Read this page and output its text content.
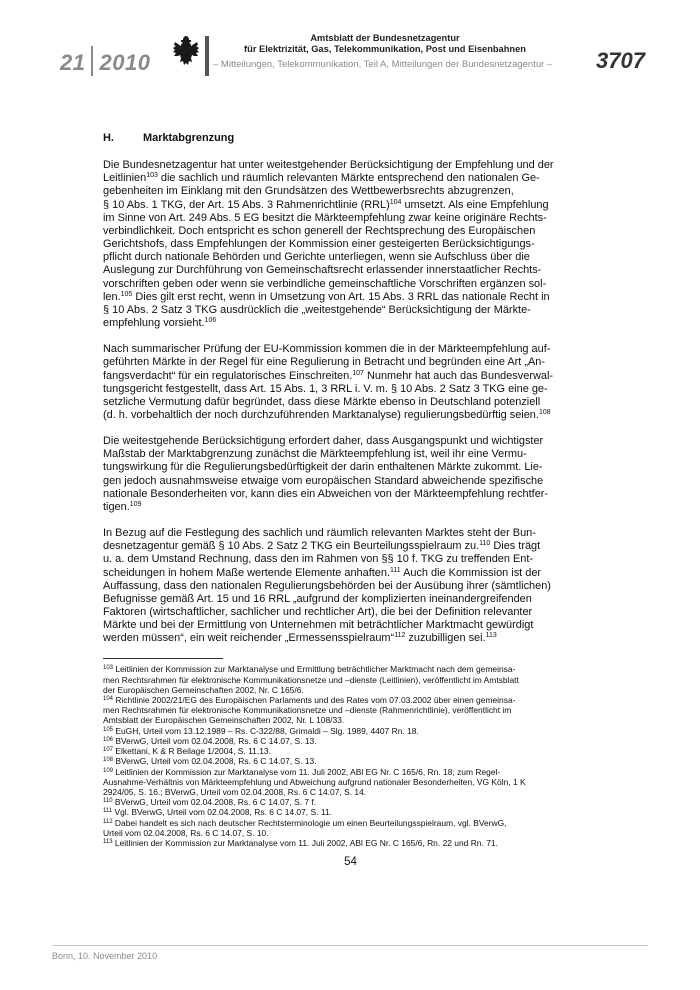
21 2010
Amtsblatt der Bundesnetzagentur
für Elektrizität, Gas, Telekommunikation, Post und Eisenbahnen
– Mitteilungen, Telekommunikation, Teil A, Mitteilungen der Bundesnetzagentur – 3707
H.	Marktabgrenzung
Die Bundesnetzagentur hat unter weitestgehender Berücksichtigung der Empfehlung und der
Leitlinien$^{103}$ die sachlich und räumlich relevanten Märkte entsprechend den nationalen Ge-
gebenheiten im Einklang mit den Grundsätzen des Wettbewerbsrechts abzugrenzen,
§ 10 Abs. 1 TKG, der Art. 15 Abs. 3 Rahmenrichtlinie (RRL)$^{104}$ umsetzt. Als eine Empfehlung
im Sinne von Art. 249 Abs. 5 EG besitzt die Märkteempfehlung zwar keine originäre Rechts-
verbindlichkeit. Doch entspricht es schon generell der Rechtsprechung des Europäischen
Gerichtshofs, dass Empfehlungen der Kommission einer gesteigerten Berücksichtigungs-
pflicht durch nationale Behörden und Gerichte unterliegen, wenn sie Aufschluss über die
Auslegung zur Durchführung von Gemeinschaftsrecht erlassender innerstaatlicher Rechts-
vorschriften geben oder wenn sie verbindliche gemeinschaftliche Vorschriften ergänzen sol-
len.$^{105}$ Dies gilt erst recht, wenn in Umsetzung von Art. 15 Abs. 3 RRL das nationale Recht in
§ 10 Abs. 2 Satz 3 TKG ausdrücklich die „weitestgehende“ Berücksichtigung der Märkte-
empfehlung vorsieht.$^{106}$
Nach summarischer Prüfung der EU-Kommission kommen die in der Märkteempfehlung auf-
geführten Märkte in der Regel für eine Regulierung in Betracht und begründen eine Art „An-
fangsverdacht“ für ein regulatorisches Einschreiten.$^{107}$ Nunmehr hat auch das Bundesverwal-
tungsgericht festgestellt, dass Art. 15 Abs. 1, 3 RRL i. V. m. § 10 Abs. 2 Satz 3 TKG eine ge-
setzliche Vermutung dafür begründet, dass diese Märkte ebenso in Deutschland potenziell
(d. h. vorbehaltlich der noch durchzuführenden Marktanalyse) regulierungsbedürftig seien.$^{108}$
Die weitestgehende Berücksichtigung erfordert daher, dass Ausgangspunkt und wichtigster
Maßstab der Marktabgrenzung zunächst die Märkteempfehlung ist, weil ihr eine Vermu-
tungswirkung für die Regulierungsbedürftigkeit der darin enthaltenen Märkte zukommt. Lie-
gen jedoch ausnahmsweise etwaige vom europäischen Standard abweichende spezifische
nationale Besonderheiten vor, kann dies ein Abweichen von der Märkteempfehlung rechtfer-
tigen.$^{109}$
In Bezug auf die Festlegung des sachlich und räumlich relevanten Marktes steht der Bun-
desnetzagentur gemäß § 10 Abs. 2 Satz 2 TKG ein Beurteilungsspielraum zu.$^{110}$ Dies trägt
u. a. dem Umstand Rechnung, dass den im Rahmen von §§ 10 f. TKG zu treffenden Ent-
scheidungen in hohem Maße wertende Elemente anhaften.$^{111}$ Auch die Kommission ist der
Auffassung, dass den nationalen Regulierungsbehörden bei der Ausübung ihrer (sämtlichen)
Befugnisse gemäß Art. 15 und 16 RRL „aufgrund der komplizierten ineinandergreifenden
Faktoren (wirtschaftlicher, sachlicher und rechtlicher Art), die bei der Definition relevanter
Märkte und bei der Ermittlung von Unternehmen mit beträchtlicher Marktmacht gewürdigt
werden müssen“, ein weit reichender „Ermessensspielraum“$^{112}$ zuzubilligen sei.$^{113}$
$^{103}$ Leitlinien der Kommission zur Marktanalyse und Ermittlung beträchtlicher Marktmacht nach dem gemeinsa-
men Rechtsrahmen für elektronische Kommunikationsnetze und –dienste (Leitlinien), veröffentlicht im Amtsblatt
der Europäischen Gemeinschaften 2002, Nr. C 165/6.
$^{104}$ Richtlinie 2002/21/EG des Europäischen Parlaments und des Rates vom 07.03.2002 über einen gemeinsa-
men Rechtsrahmen für elektronische Kommunikationsnetze und –dienste (Rahmenrichtlinie), veröffentlicht im
Amtsblatt der Europäischen Gemeinschaften 2002, Nr. L 108/33.
$^{105}$ EuGH, Urteil vom 13.12.1989 – Rs. C-322/88, Grimaldi – Slg. 1989, 4407 Rn. 18.
$^{106}$ BVerwG, Urteil vom 02.04.2008, Rs. 6 C 14.07, S. 13.
$^{107}$ Elkettani, K & R Beilage 1/2004, S. 11,13.
$^{108}$ BVerwG, Urteil vom 02.04.2008, Rs. 6 C 14.07, S. 13.
$^{109}$ Leitlinien der Kommission zur Marktanalyse vom 11. Juli 2002, ABl EG Nr. C 165/6, Rn. 18; zum Regel-
Ausnahme-Verhältnis von Märkteempfehlung und Abweichung aufgrund nationaler Besonderheiten, VG Köln, 1 K
2924/05, S. 16.; BVerwG, Urteil vom 02.04.2008, Rs. 6 C 14.07, S. 14.
$^{110}$ BVerwG, Urteil vom 02.04.2008, Rs. 6 C 14.07, S. 7 f.
$^{111}$ Vgl. BVerwG, Urteil vom 02.04.2008, Rs. 6 C 14.07, S. 11.
$^{112}$ Dabei handelt es sich nach deutscher Rechtsterminologie um einen Beurteilungsspielraum, vgl. BVerwG,
Urteil vom 02.04.2008, Rs. 6 C 14.07, S. 10.
$^{113}$ Leitlinien der Kommission zur Marktanalyse vom 11. Juli 2002, ABl EG Nr. C 165/6, Rn. 22 und Rn. 71.
54
Bonn, 10. November 2010
